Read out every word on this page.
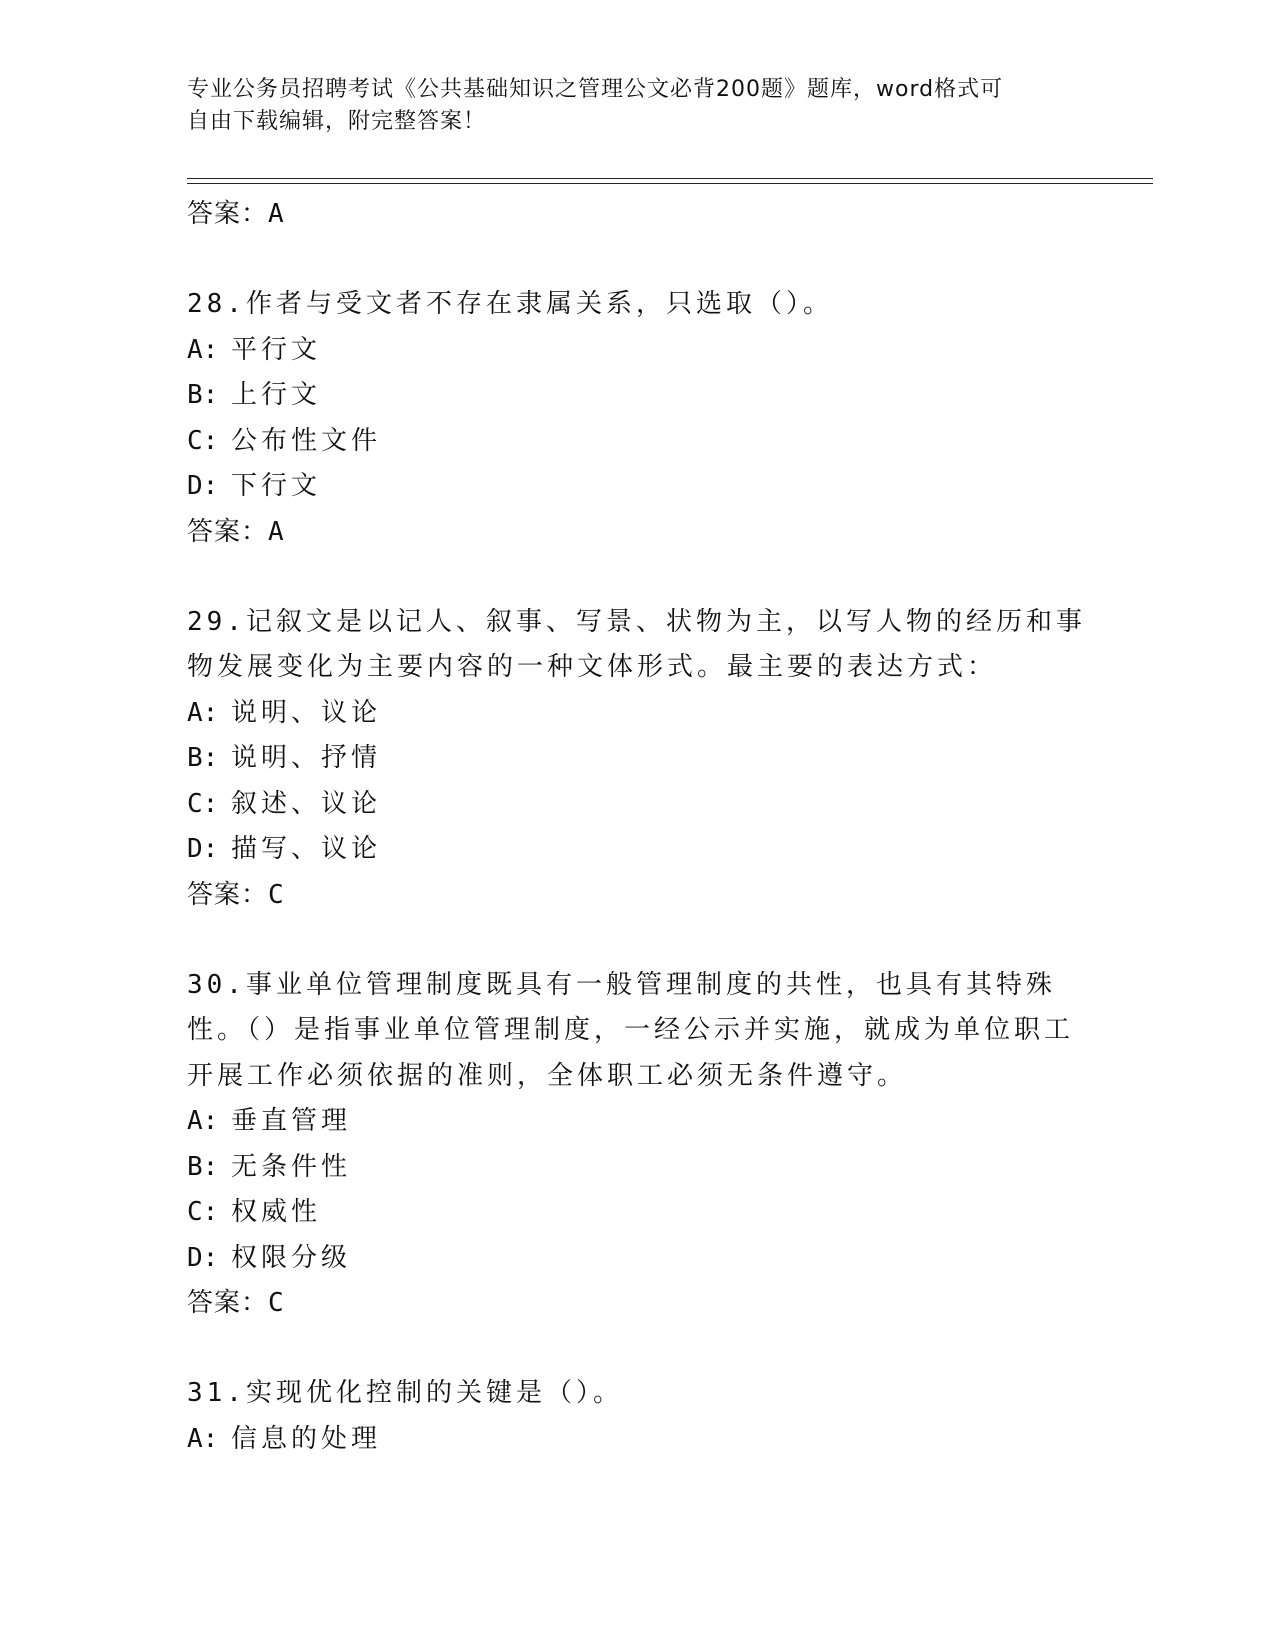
专业公务员招聘考试《公共基础知识之管理公文必背200题》题库，word格式可
自由下载编辑，附完整答案！
答案：A
28.作者与受文者不存在隶属关系，只选取（）。
A: 平行文
B: 上行文
C: 公布性文件
D: 下行文
答案：A
29.记叙文是以记人、叙事、写景、状物为主，以写人物的经历和事物发展变化为主要内容的一种文体形式。最主要的表达方式：
A: 说明、议论
B: 说明、抒情
C: 叙述、议论
D: 描写、议论
答案：C
30.事业单位管理制度既具有一般管理制度的共性，也具有其特殊性。（）是指事业单位管理制度，一经公示并实施，就成为单位职工开展工作必须依据的准则，全体职工必须无条件遵守。
A: 垂直管理
B: 无条件性
C: 权威性
D: 权限分级
答案：C
31.实现优化控制的关键是（）。
A: 信息的处理
